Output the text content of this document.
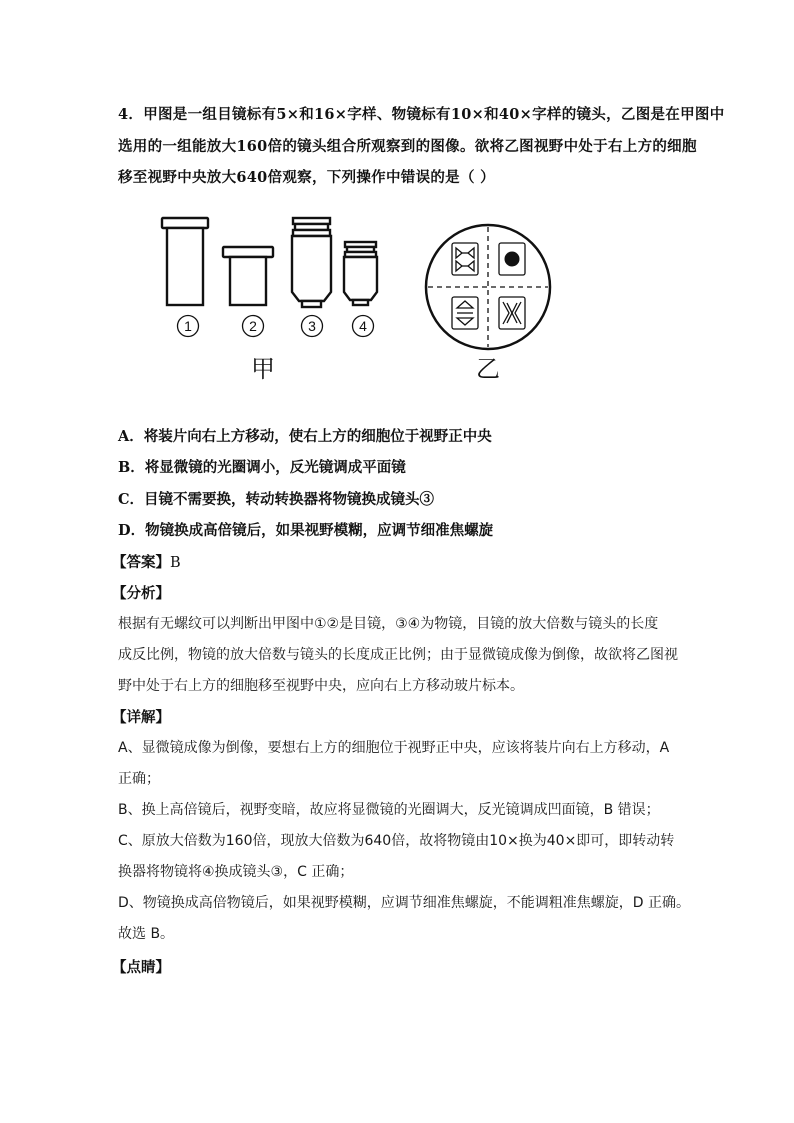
4．甲图是一组目镜标有5×和16×字样、物镜标有10×和40×字样的镜头，乙图是在甲图中
选用的一组能放大160倍的镜头组合所观察到的图像。欲将乙图视野中处于右上方的细胞
移至视野中央放大640倍观察，下列操作中错误的是（ ）
1	2	3	4
甲	乙
A．将装片向右上方移动，使右上方的细胞位于视野正中央
B．将显微镜的光圈调小，反光镜调成平面镜
C．目镜不需要换，转动转换器将物镜换成镜头③
D．物镜换成高倍镜后，如果视野模糊，应调节细准焦螺旋
【答案】B
【分析】
根据有无螺纹可以判断出甲图中①②是目镜，③④为物镜，目镜的放大倍数与镜头的长度
成反比例，物镜的放大倍数与镜头的长度成正比例；由于显微镜成像为倒像，故欲将乙图视
野中处于右上方的细胞移至视野中央，应向右上方移动玻片标本。
【详解】
A、显微镜成像为倒像，要想右上方的细胞位于视野正中央，应该将装片向右上方移动，A
正确；
B、换上高倍镜后，视野变暗，故应将显微镜的光圈调大，反光镜调成凹面镜，B 错误；
C、原放大倍数为160倍，现放大倍数为640倍，故将物镜由10×换为40×即可，即转动转
换器将物镜将④换成镜头③，C 正确；
D、物镜换成高倍物镜后，如果视野模糊，应调节细准焦螺旋，不能调粗准焦螺旋，D 正确。
故选 B。
【点睛】
